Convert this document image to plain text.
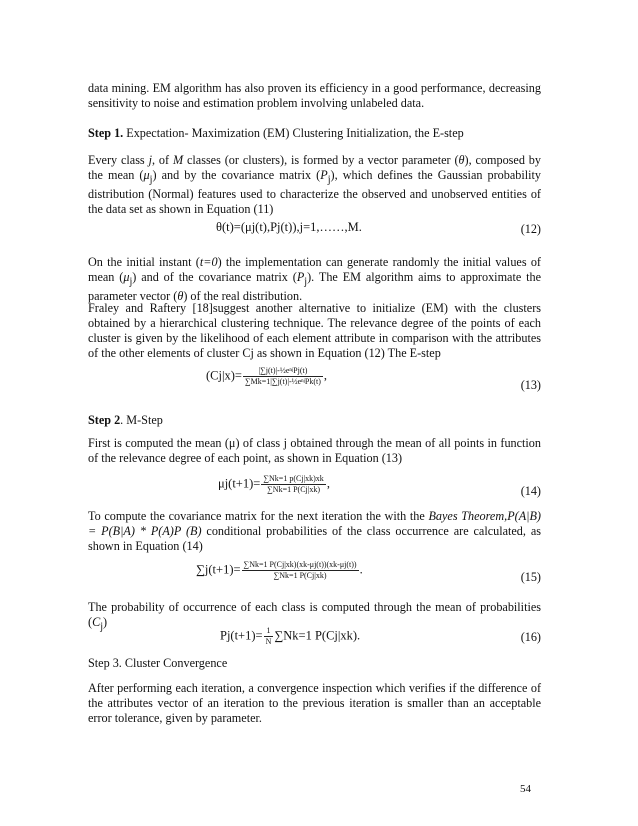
data mining. EM algorithm has also proven its efficiency in a good performance, decreasing sensitivity to noise and estimation problem involving unlabeled data.

Step 1. Expectation- Maximization (EM) Clustering Initialization, the E-step

Every class j, of M classes (or clusters), is formed by a vector parameter (θ), composed by the mean $(\mu_j)$ and by the covariance matrix $(P_j)$, which defines the Gaussian probability distribution (Normal) features used to characterize the observed and unobserved entities of the data set as shown in Equation (11)

θ(t)=(μj(t),Pj(t)),j=1,……,M.	(12)

On the initial instant (t=0) the implementation can generate randomly the initial values of mean $(\mu_j)$ and of the covariance matrix $(P_j)$. The EM algorithm aims to approximate the parameter vector (θ) of the real distribution.

Fraley and Raftery [18]suggest another alternative to initialize (EM) with the clusters obtained by a hierarchical clustering technique. The relevance degree of the points of each cluster is given by the likelihood of each element attribute in comparison with the attributes of the other elements of cluster Cj as shown in Equation (12) The E-step

$(Cj|x)= \frac{\text{|∑j(t)|-½eⁿʲPj(t)}}{\text{∑Mk=1|∑j(t)|-½eⁿʲPk(t)}}$ ,
(13)

Step 2. M-Step

First is computed the mean (μ) of class j obtained through the mean of all points in function of the relevance degree of each point, as shown in Equation (13)

$\mu j(t+1)= \frac{\sum Nk=1 p(Cj|xk)xk}{\sum Nk=1 P(Cj|xk)}$ ,
(14)

To compute the covariance matrix for the next iteration the with the Bayes Theorem,P(A|B) = P(B|A) * P(A)P (B) conditional probabilities of the class occurrence are calculated, as shown in Equation (14)

$\sum j(t+1)= \frac{\sum Nk=1 P(Cj|xk)(xk-\mu j(t))(xk-\mu j(t))}{\sum Nk=1 P(Cj|xk)}$ .
(15)

The probability of occurrence of each class is computed through the mean of probabilities $(C_j)$

$Pj(t+1)= \frac{1}{N} \sum Nk=1$ P(Cj|xk).	(16)

Step 3. Cluster Convergence

After performing each iteration, a convergence inspection which verifies if the difference of the attributes vector of an iteration to the previous iteration is smaller than an acceptable error tolerance, given by parameter.

54
